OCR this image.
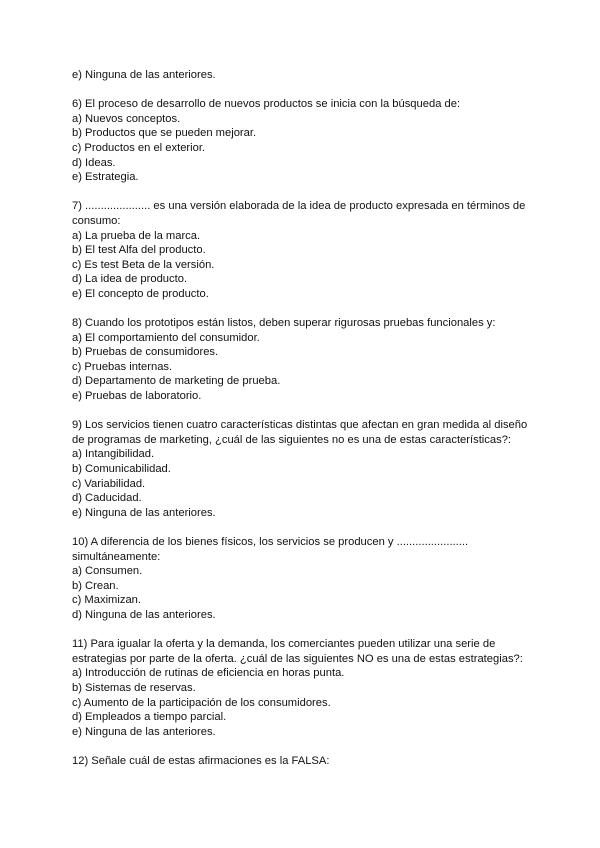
e) Ninguna de las anteriores.
6) El proceso de desarrollo de nuevos productos se inicia con la búsqueda de:
a) Nuevos conceptos.
b) Productos que se pueden mejorar.
c) Productos en el exterior.
d) Ideas.
e) Estrategia.
7) ..................... es una versión elaborada de la idea de producto expresada en términos de
consumo:
a) La prueba de la marca.
b) El test Alfa del producto.
c) Es test Beta de la versión.
d) La idea de producto.
e) El concepto de producto.
8) Cuando los prototipos están listos, deben superar rigurosas pruebas funcionales y:
a) El comportamiento del consumidor.
b) Pruebas de consumidores.
c) Pruebas internas.
d) Departamento de marketing de prueba.
e) Pruebas de laboratorio.
9) Los servicios tienen cuatro características distintas que afectan en gran medida al diseño
de programas de marketing, ¿cuál de las siguientes no es una de estas características?:
a) Intangibilidad.
b) Comunicabilidad.
c) Variabilidad.
d) Caducidad.
e) Ninguna de las anteriores.
10) A diferencia de los bienes físicos, los servicios se producen y .......................
simultáneamente:
a) Consumen.
b) Crean.
c) Maximizan.
d) Ninguna de las anteriores.
11) Para igualar la oferta y la demanda, los comerciantes pueden utilizar una serie de
estrategias por parte de la oferta. ¿cuál de las siguientes NO es una de estas estrategias?:
a) Introducción de rutinas de eficiencia en horas punta.
b) Sistemas de reservas.
c) Aumento de la participación de los consumidores.
d) Empleados a tiempo parcial.
e) Ninguna de las anteriores.
12) Señale cuál de estas afirmaciones es la FALSA:
